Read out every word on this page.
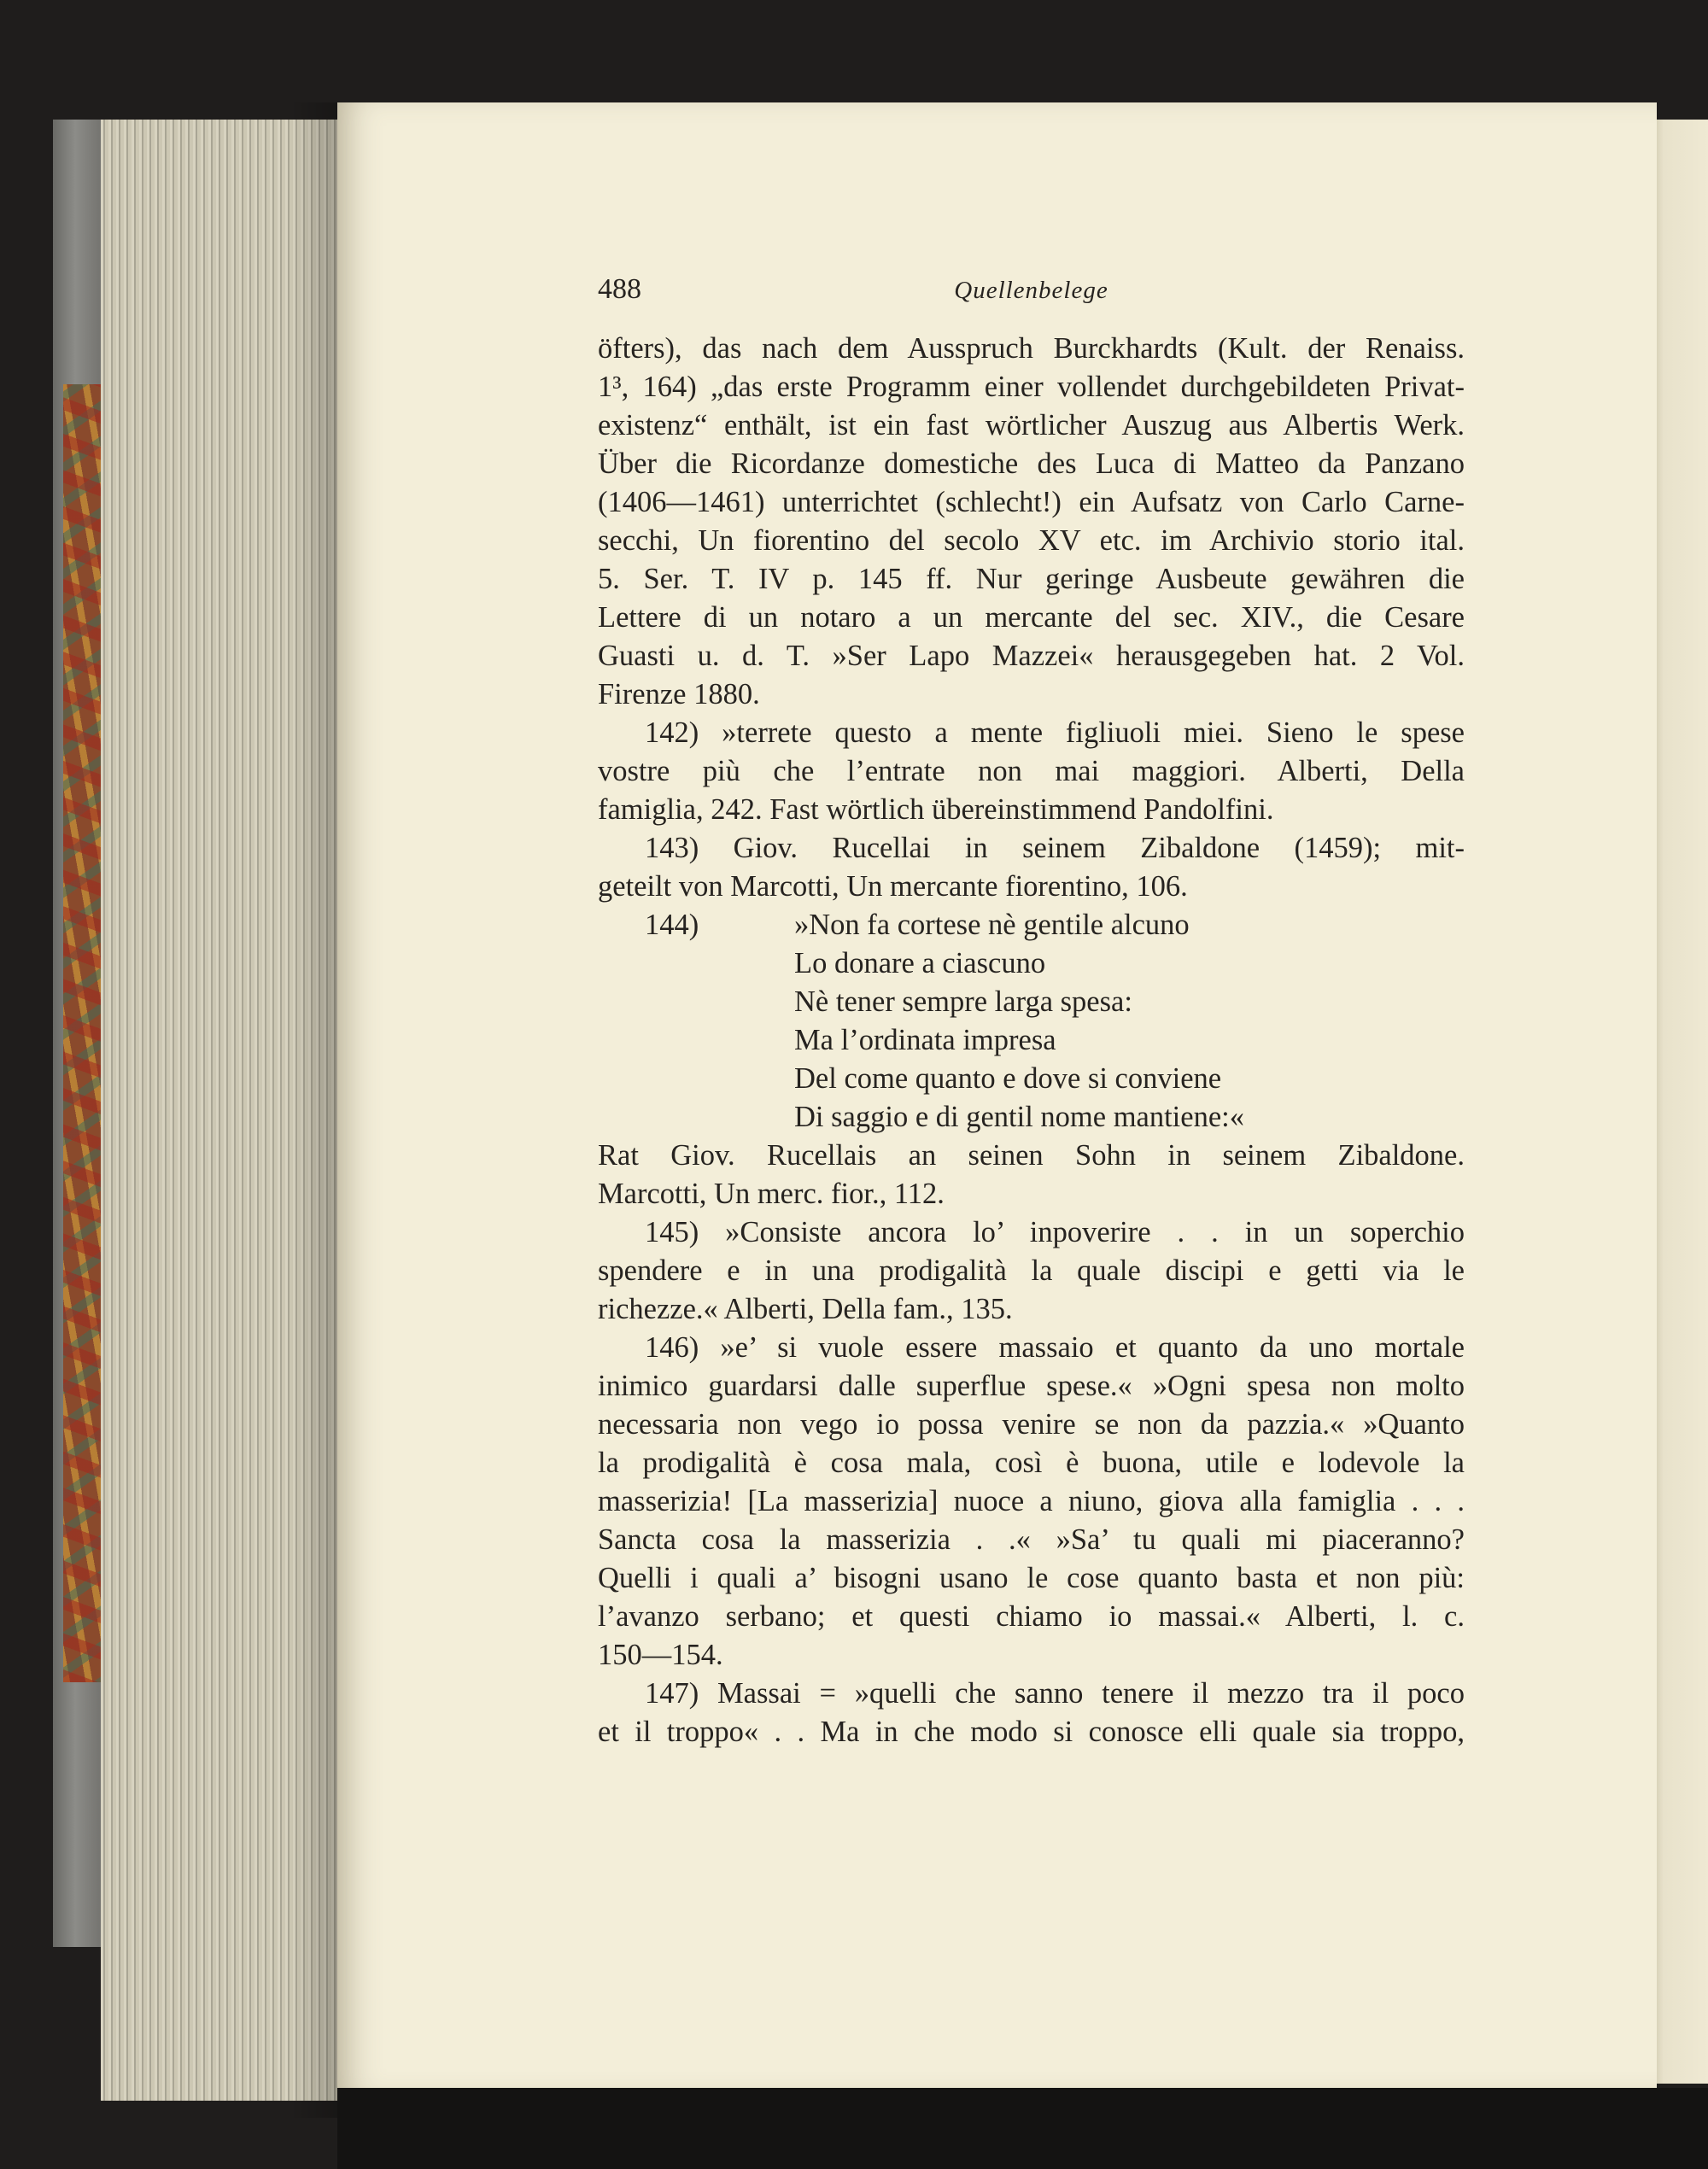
488	Quellenbelege
öfters), das nach dem Ausspruch Burckhardts (Kult. der Renaiss.
1³, 164) „das erste Programm einer vollendet durchgebildeten Privat-
existenz“ enthält, ist ein fast wörtlicher Auszug aus Albertis Werk.
Über die Ricordanze domestiche des Luca di Matteo da Panzano
(1406—1461) unterrichtet (schlecht!) ein Aufsatz von Carlo Carne-
secchi, Un fiorentino del secolo XV etc. im Archivio storio ital.
5. Ser. T. IV p. 145 ff. Nur geringe Ausbeute gewähren die
Lettere di un notaro a un mercante del sec. XIV., die Cesare
Guasti u. d. T. »Ser Lapo Mazzei« herausgegeben hat. 2 Vol.
Firenze 1880.
142) »terrete questo a mente figliuoli miei. Sieno le spese
vostre più che l’entrate non mai maggiori. Alberti, Della
famiglia, 242. Fast wörtlich übereinstimmend Pandolfini.
143) Giov. Rucellai in seinem Zibaldone (1459); mit-
geteilt von Marcotti, Un mercante fiorentino, 106.
144)	»Non fa cortese nè gentile alcuno
Lo donare a ciascuno
Nè tener sempre larga spesa:
Ma l’ordinata impresa
Del come quanto e dove si conviene
Di saggio e di gentil nome mantiene:«
Rat Giov. Rucellais an seinen Sohn in seinem Zibaldone.
Marcotti, Un merc. fior., 112.
145) »Consiste ancora lo’ inpoverire . . in un soperchio
spendere e in una prodigalità la quale discipi e getti via le
richezze.« Alberti, Della fam., 135.
146) »e’ si vuole essere massaio et quanto da uno mortale
inimico guardarsi dalle superflue spese.« »Ogni spesa non molto
necessaria non vego io possa venire se non da pazzia.« »Quanto
la prodigalità è cosa mala, così è buona, utile e lodevole la
masserizia! [La masserizia] nuoce a niuno, giova alla famiglia . . .
Sancta cosa la masserizia . .« »Sa’ tu quali mi piaceranno?
Quelli i quali a’ bisogni usano le cose quanto basta et non più:
l’avanzo serbano; et questi chiamo io massai.« Alberti, l. c.
150—154.
147) Massai = »quelli che sanno tenere il mezzo tra il poco
et il troppo« . . Ma in che modo si conosce elli quale sia troppo,
